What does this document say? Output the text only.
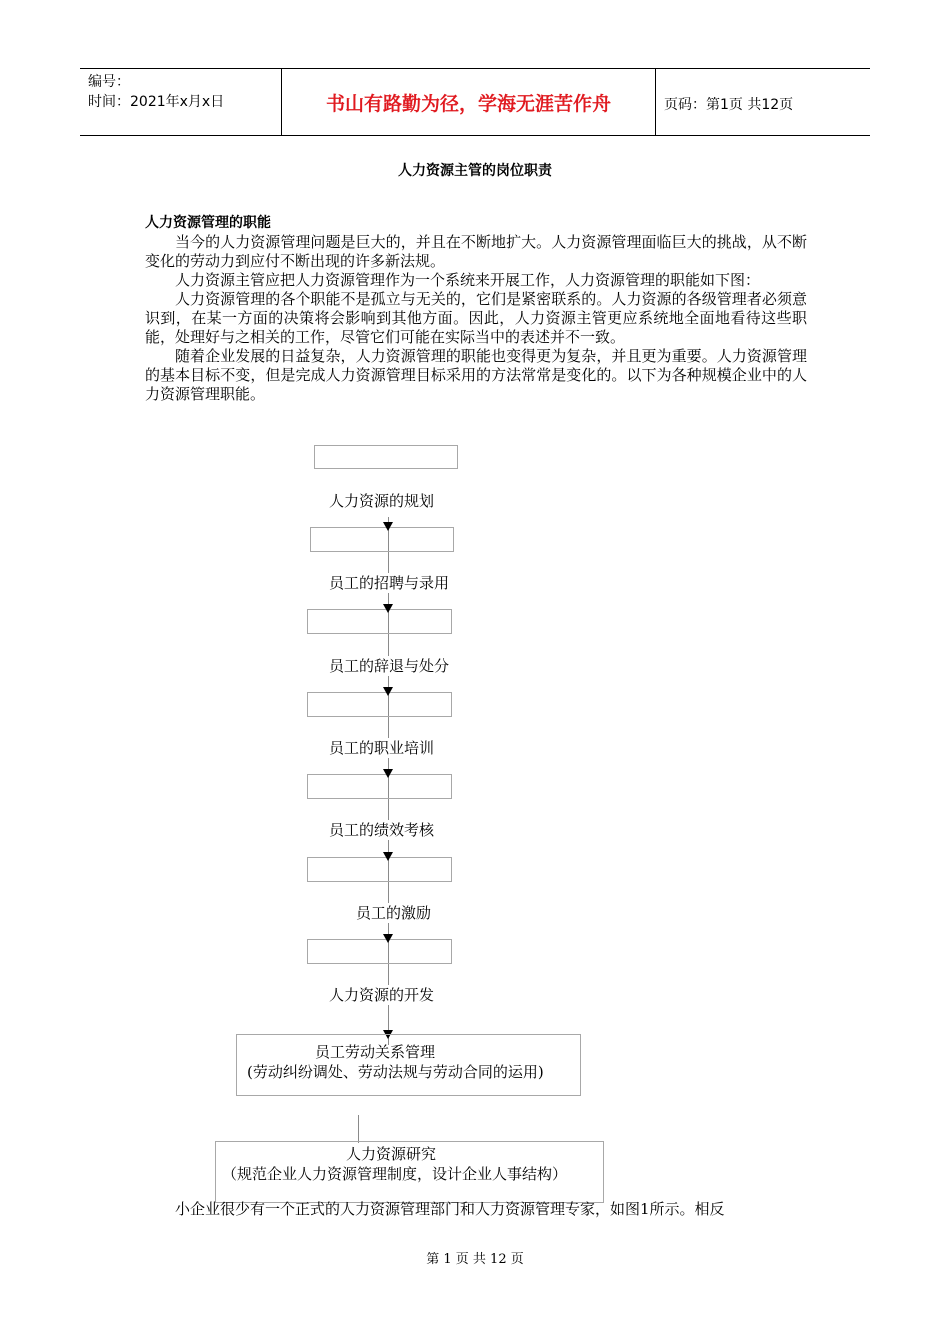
编号：
时间：2021年x月x日	书山有路勤为径，学海无涯苦作舟	页码：第1页 共12页
人力资源主管的岗位职责
人力资源管理的职能

当今的人力资源管理问题是巨大的，并且在不断地扩大。人力资源管理面临巨大的挑战，从不断变化的劳动力到应付不断出现的许多新法规。

人力资源主管应把人力资源管理作为一个系统来开展工作，人力资源管理的职能如下图：

人力资源管理的各个职能不是孤立与无关的，它们是紧密联系的。人力资源的各级管理者必须意识到，在某一方面的决策将会影响到其他方面。因此，人力资源主管更应系统地全面地看待这些职能，处理好与之相关的工作，尽管它们可能在实际当中的表述并不一致。

随着企业发展的日益复杂，人力资源管理的职能也变得更为复杂，并且更为重要。人力资源管理的基本目标不变，但是完成人力资源管理目标采用的方法常常是变化的。以下为各种规模企业中的人力资源管理职能。

人力资源的规划
员工的招聘与录用
员工的辞退与处分
员工的职业培训
员工的绩效考核
员工的激励
人力资源的开发
员工劳动关系管理
(劳动纠纷调处、劳动法规与劳动合同的运用)
人力资源研究
（规范企业人力资源管理制度，设计企业人事结构）
小企业很少有一个正式的人力资源管理部门和人力资源管理专家，如图1所示。相反
第 1 页 共 12 页
